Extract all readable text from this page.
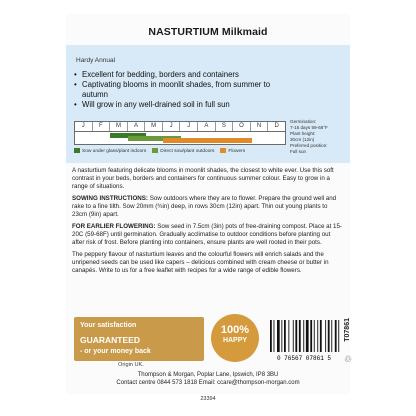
NASTURTIUM Milkmaid
Hardy Annual
• Excellent for bedding, borders and containers
• Captivating blooms in moonlit shades, from summer to autumn
• Will grow in any well-drained soil in full sun
J	F	M	A	M	J	J	A	S	O	N	D
Sow under glass/plant indoors	Direct sow/plant outdoors	Flowers
Germination:
7-15 days 59-68°F
Plant height:
30cm (12in)
Preferred position:
Full sun

A nasturtium featuring delicate blooms in moonlit shades, the closest to white ever. Use this soft contrast in your beds, borders and containers for continuous summer colour. Easy to grow in a range of situations.

SOWING INSTRUCTIONS: Sow outdoors where they are to flower. Prepare the ground well and rake to a fine tilth. Sow 20mm (¾in) deep, in rows 30cm (12in) apart. Thin out young plants to 23cm (9in) apart.

FOR EARLIER FLOWERING: Sow seed in 7.5cm (3in) pots of free-draining compost. Place at 15-20C (59-68F) until germination. Gradually acclimatise to outdoor conditions before planting out after risk of frost. Before planting into containers, ensure plants are well rooted in their pots.

The peppery flavour of nasturtium leaves and the colourful flowers will enrich salads and the unripened seeds can be used like capers – delicious combined with cream cheese or butter in canapés. Write to us for a free leaflet with recipes for a wide range of edible flowers.

Your satisfaction
GUARANTEED
- or your money back
100%
HAPPY
0 76567 07861 5
T07861
♲
Origin UK.
Thompson & Morgan, Poplar Lane, Ipswich, IP8 3BU
Contact centre 0844 573 1818 Email: ccare@thompson-morgan.com
23394
